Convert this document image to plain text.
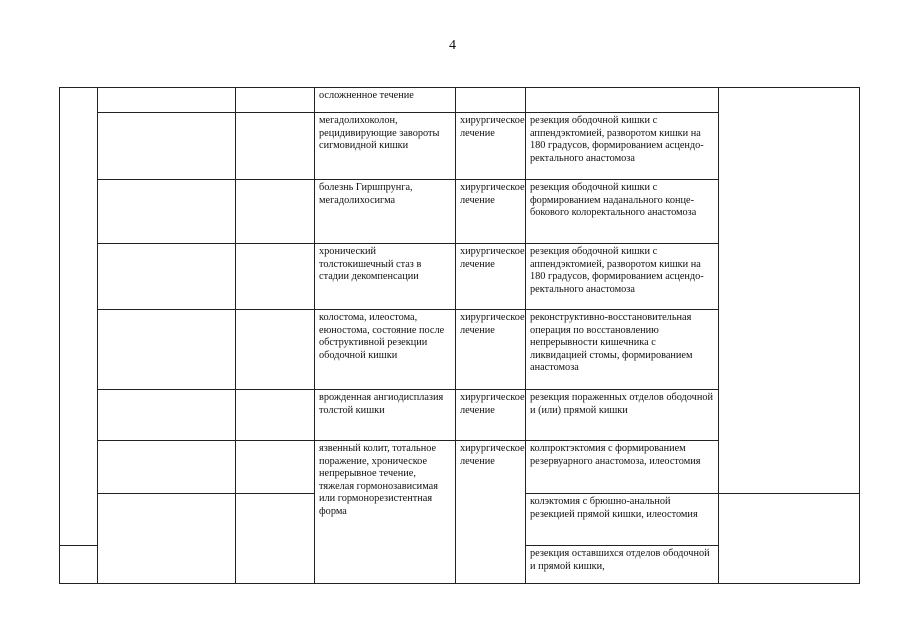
4
			осложненное течение			
			мегадолихоколон, рецидивирующие завороты сигмовидной кишки	хирургическое лечение	резекция ободочной кишки с аппендэктомией, разворотом кишки на 180 градусов, формированием асцендо-ректального анастомоза	
			болезнь Гиршпрунга, мегадолихосигма	хирургическое лечение	резекция ободочной кишки с формированием наданального конце-бокового колоректального анастомоза	
			хронический толстокишечный стаз в стадии декомпенсации	хирургическое лечение	резекция ободочной кишки с аппендэктомией, разворотом кишки на 180 градусов, формированием асцендо-ректального анастомоза	
			колостома, илеостома, еюностома, состояние после обструктивной резекции ободочной кишки	хирургическое лечение	реконструктивно-восстановительная операция по восстановлению непрерывности кишечника с ликвидацией стомы, формированием анастомоза	
			врожденная ангиодисплазия толстой кишки	хирургическое лечение	резекция пораженных отделов ободочной и (или) прямой кишки	
			язвенный колит, тотальное поражение, хроническое непрерывное течение, тяжелая гормонозависимая или гормонорезистентная форма	хирургическое лечение	колпроктэктомия с формированием резервуарного анастомоза, илеостомия	
					колэктомия с брюшно-анальной резекцией прямой кишки, илеостомия	
					резекция оставшихся отделов ободочной и прямой кишки,	
